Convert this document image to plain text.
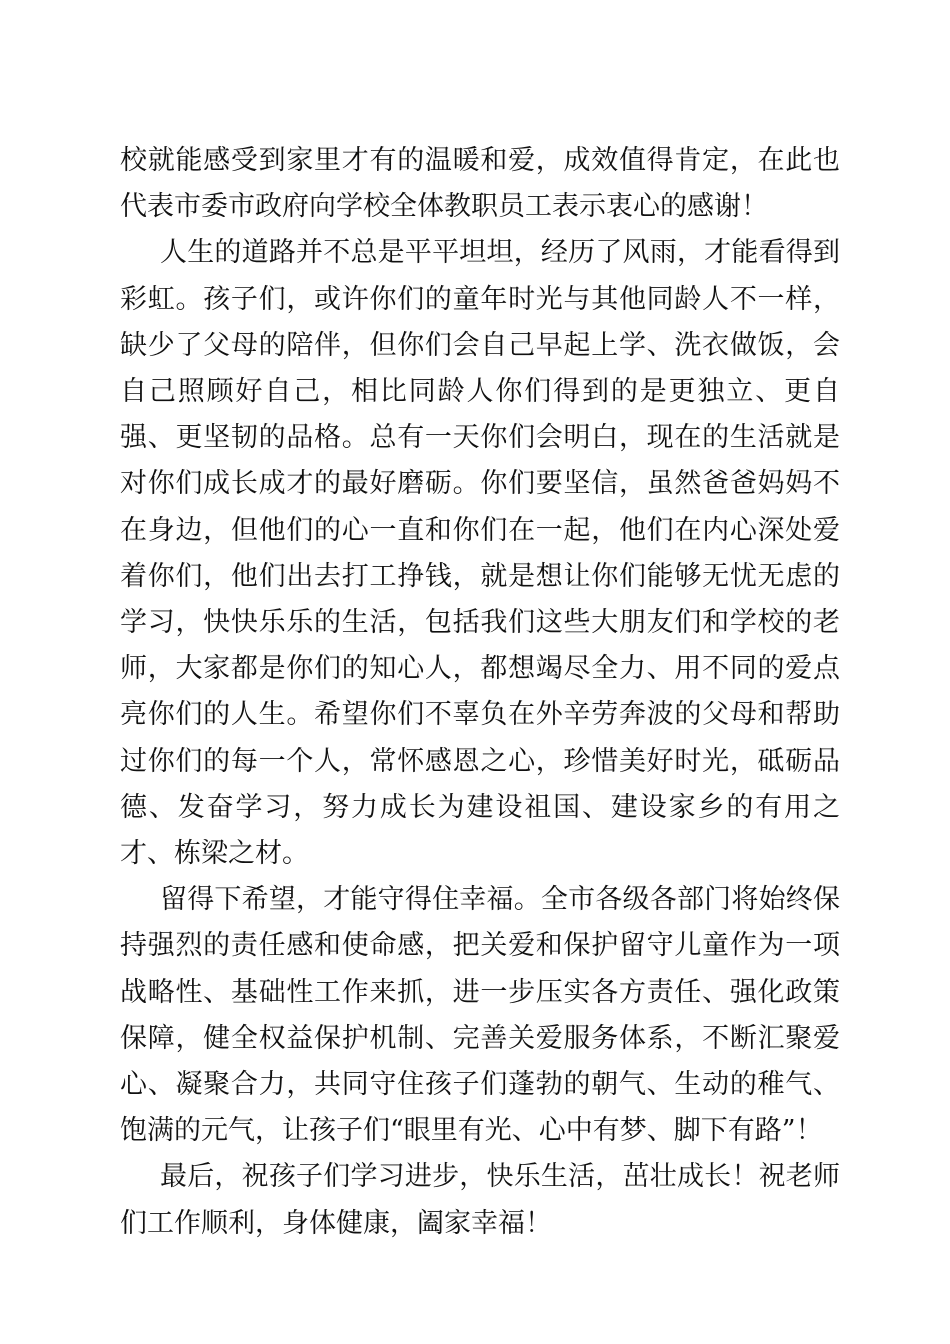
校就能感受到家里才有的温暖和爱，成效值得肯定，在此也代表市委市政府向学校全体教职员工表示衷心的感谢！

人生的道路并不总是平平坦坦，经历了风雨，才能看得到彩虹。孩子们，或许你们的童年时光与其他同龄人不一样，缺少了父母的陪伴，但你们会自己早起上学、洗衣做饭，会自己照顾好自己，相比同龄人你们得到的是更独立、更自强、更坚韧的品格。总有一天你们会明白，现在的生活就是对你们成长成才的最好磨砺。你们要坚信，虽然爸爸妈妈不在身边，但他们的心一直和你们在一起，他们在内心深处爱着你们，他们出去打工挣钱，就是想让你们能够无忧无虑的学习，快快乐乐的生活，包括我们这些大朋友们和学校的老师，大家都是你们的知心人，都想竭尽全力、用不同的爱点亮你们的人生。希望你们不辜负在外辛劳奔波的父母和帮助过你们的每一个人，常怀感恩之心，珍惜美好时光，砥砺品德、发奋学习，努力成长为建设祖国、建设家乡的有用之才、栋梁之材。

留得下希望，才能守得住幸福。全市各级各部门将始终保持强烈的责任感和使命感，把关爱和保护留守儿童作为一项战略性、基础性工作来抓，进一步压实各方责任、强化政策保障，健全权益保护机制、完善关爱服务体系，不断汇聚爱心、凝聚合力，共同守住孩子们蓬勃的朝气、生动的稚气、饱满的元气，让孩子们“眼里有光、心中有梦、脚下有路”！

最后，祝孩子们学习进步，快乐生活，茁壮成长！祝老师们工作顺利，身体健康，阖家幸福！
